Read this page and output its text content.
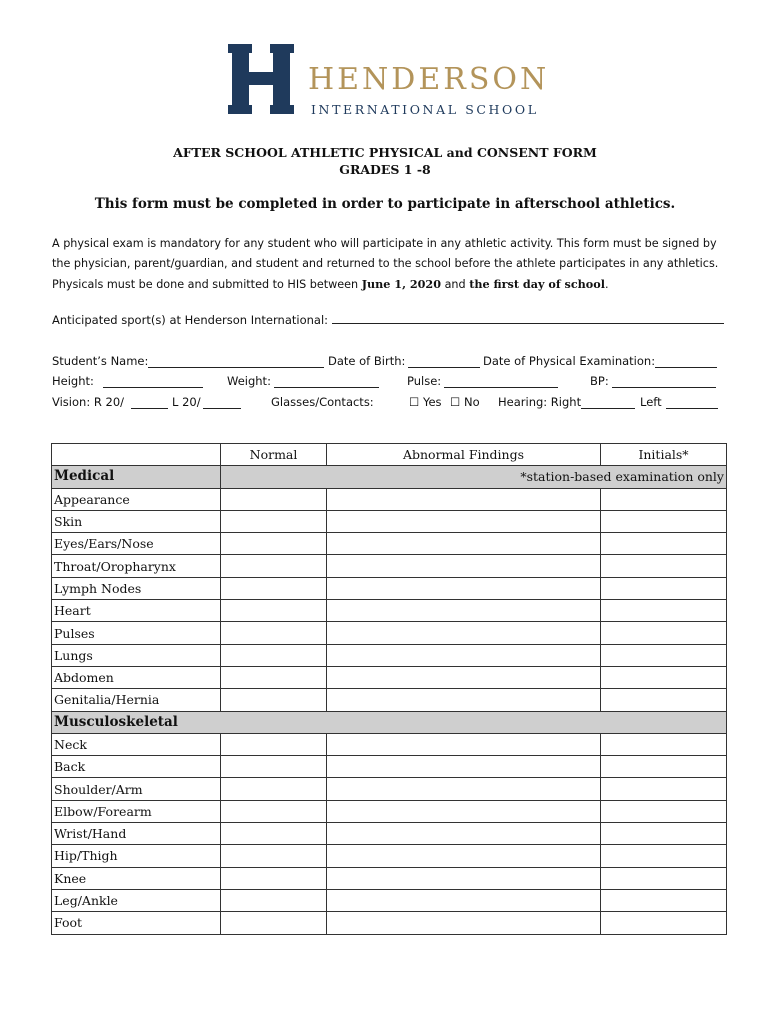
HENDERSON
INTERNATIONAL SCHOOL
AFTER SCHOOL ATHLETIC PHYSICAL and CONSENT FORM
GRADES 1 -8
This form must be completed in order to participate in afterschool athletics.
A physical exam is mandatory for any student who will participate in any athletic activity. This form must be signed by the physician, parent/guardian, and student and returned to the school before the athlete participates in any athletics. Physicals must be done and submitted to HIS between June 1, 2020 and the first day of school.
Anticipated sport(s) at Henderson International:
Student’s Name:	Date of Birth:	Date of Physical Examination:
Height:	Weight:	Pulse:	BP:
Vision: R 20/	L 20/	Glasses/Contacts:	☐ Yes ☐ No Hearing: Right	Left
	Normal	Abnormal Findings	Initials*
Medical	*station-based examination only		
Appearance			
Skin			
Eyes/Ears/Nose			
Throat/Oropharynx			
Lymph Nodes			
Heart			
Pulses			
Lungs			
Abdomen			
Genitalia/Hernia			
Musculoskeletal			
Neck			
Back			
Shoulder/Arm			
Elbow/Forearm			
Wrist/Hand			
Hip/Thigh			
Knee			
Leg/Ankle			
Foot			
